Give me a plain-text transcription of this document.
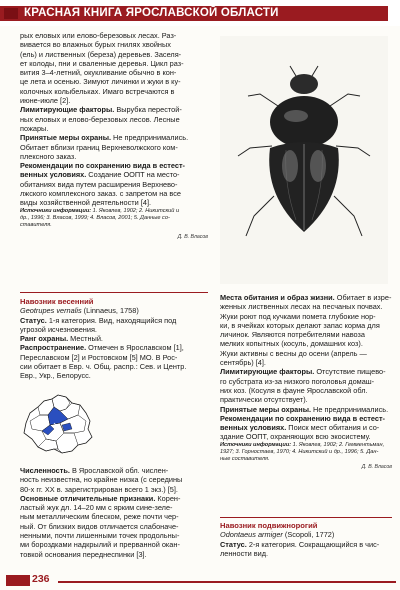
КРАСНАЯ КНИГА ЯРОСЛАВСКОЙ ОБЛАСТИ

рых еловых или елово-березовых лесах. Раз-

вивается во влажных бурых гнилях хвойных

(ель) и лиственных (береза) деревьев. Заселя-

ет колоды, пни и сваленные деревья. Цикл раз-

вития 3–4-летний, окукливание обычно в кон-

це лета и осенью. Зимуют личинки и жуки в ку-

колочных колыбельках. Имаго встречаются в

июне-июле [2].

Лимитирующие факторы. Вырубка перестой-

ных еловых и елово-березовых лесов. Лесные

пожары.

Принятые меры охраны. Не предпринимались.

Обитает вблизи границ Верхневолжского ком-

плексного заказ.

Рекомендации по сохранению вида в естест-

венных условиях. Создание ООПТ на место-

обитаниях вида путем расширения Верхнево-

лжского комплексного заказ. с запретом на все

виды хозяйственной деятельности [4].

Источники информации: 1. Яковлев, 1902; 2. Никитский и

др., 1996; 3. Власов, 1999; 4. Власов, 2001; 5. Данные со-

ставителя.

Д. В. Власов

Навозник весенний

Geotrupes vernalis (Linnaeus, 1758)

Статус. 1-я категория. Вид, находящийся под

угрозой исчезновения.

Ранг охраны. Местный.

Распространение. Отмечен в Ярославском [1],

Переславском [2] и Ростовском [5] МО. В Рос-

сии обитает в Евр. ч. Общ. распр.: Сев. и Центр.

Евр., Укр., Белорусс.

Численность. В Ярославской обл. числен-

ность неизвестна, но крайне низка (с середины

80-х гг. ХХ в. зарегистрирован всего 1 экз.) [5].

Основные отличительные признаки. Корен-

ластый жук дл. 14–20 мм с ярким сине-зеле-

ным металлическим блеском, реже почти чер-

ный. От близких видов отличается слабоначе-

ненными, почти лишенными точек продольны-

ми бороздками надкрылий и прерванной окан-

товкой основания переднеспинки [3].

Места обитания и образ жизни. Обитает в изре-

женных лиственных лесах на песчаных почвах.

Жуки роют под кучками помета глубокие нор-

ки, в ячейках которых делают запас корма для

личинок. Являются потребителями навоза

мелких копытных (косуль, домашних коз).

Жуки активны с весны до осени (апрель —

сентябрь) [4].

Лимитирующие факторы. Отсутствие пищево-

го субстрата из-за низкого поголовья домаш-

них коз. (Косуля в фауне Ярославской обл.

практически отсутствует).

Принятые меры охраны. Не предпринимались.

Рекомендации по сохранению вида в естест-

венных условиях. Поиск мест обитания и со-

здание ООПТ, охраняющих всю экосистему.

Источники информации: 1. Яковлев, 1902; 2. Гемментьман,

1927; 3. Горностаев, 1970; 4. Никитский и др., 1996; 5. Дан-

ные составителя.

Д. В. Власов

Навозник подвижнорогий

Odontaeus armiger (Scopoli, 1772)

Статус. 2-я категория. Сокращающийся в чис-

ленности вид.

236
